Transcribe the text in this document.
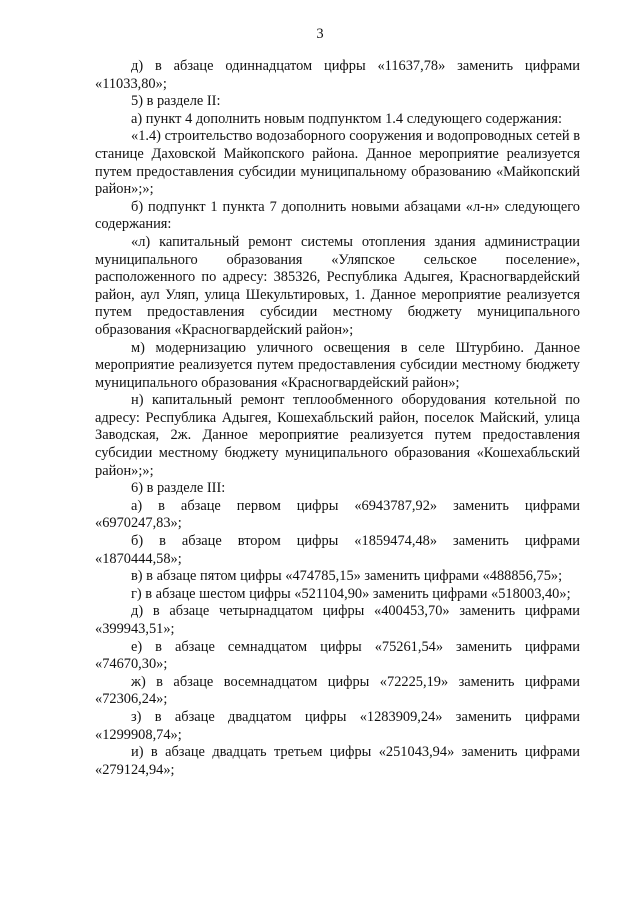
3

д) в абзаце одиннадцатом цифры «11637,78» заменить цифрами «11033,80»;

5) в разделе II:

а) пункт 4 дополнить новым подпунктом 1.4 следующего содержания:

«1.4) строительство водозаборного сооружения и водопроводных сетей в станице Даховской Майкопского района. Данное мероприятие реализуется путем предоставления субсидии муниципальному образованию «Майкопский район»;»;

б) подпункт 1 пункта 7 дополнить новыми абзацами «л-н» следующего содержания:

«л) капитальный ремонт системы отопления здания администрации муниципального образования «Уляпское сельское поселение», расположенного по адресу: 385326, Республика Адыгея, Красногвардейский район, аул Уляп, улица Шекультировых, 1. Данное мероприятие реализуется путем предоставления субсидии местному бюджету муниципального образования «Красногвардейский район»;

м) модернизацию уличного освещения в селе Штурбино. Данное мероприятие реализуется путем предоставления субсидии местному бюджету муниципального образования «Красногвардейский район»;

н) капитальный ремонт теплообменного оборудования котельной по адресу: Республика Адыгея, Кошехабльский район, поселок Майский, улица Заводская, 2ж. Данное мероприятие реализуется путем предоставления субсидии местному бюджету муниципального образования «Кошехабльский район»;»;

6) в разделе III:

а) в абзаце первом цифры «6943787,92» заменить цифрами «6970247,83»;

б) в абзаце втором цифры «1859474,48» заменить цифрами «1870444,58»;

в) в абзаце пятом цифры «474785,15» заменить цифрами «488856,75»;

г) в абзаце шестом цифры «521104,90» заменить цифрами «518003,40»;

д) в абзаце четырнадцатом цифры «400453,70» заменить цифрами «399943,51»;

е) в абзаце семнадцатом цифры «75261,54» заменить цифрами «74670,30»;

ж) в абзаце восемнадцатом цифры «72225,19» заменить цифрами «72306,24»;

з) в абзаце двадцатом цифры «1283909,24» заменить цифрами «1299908,74»;

и) в абзаце двадцать третьем цифры «251043,94» заменить цифрами «279124,94»;
